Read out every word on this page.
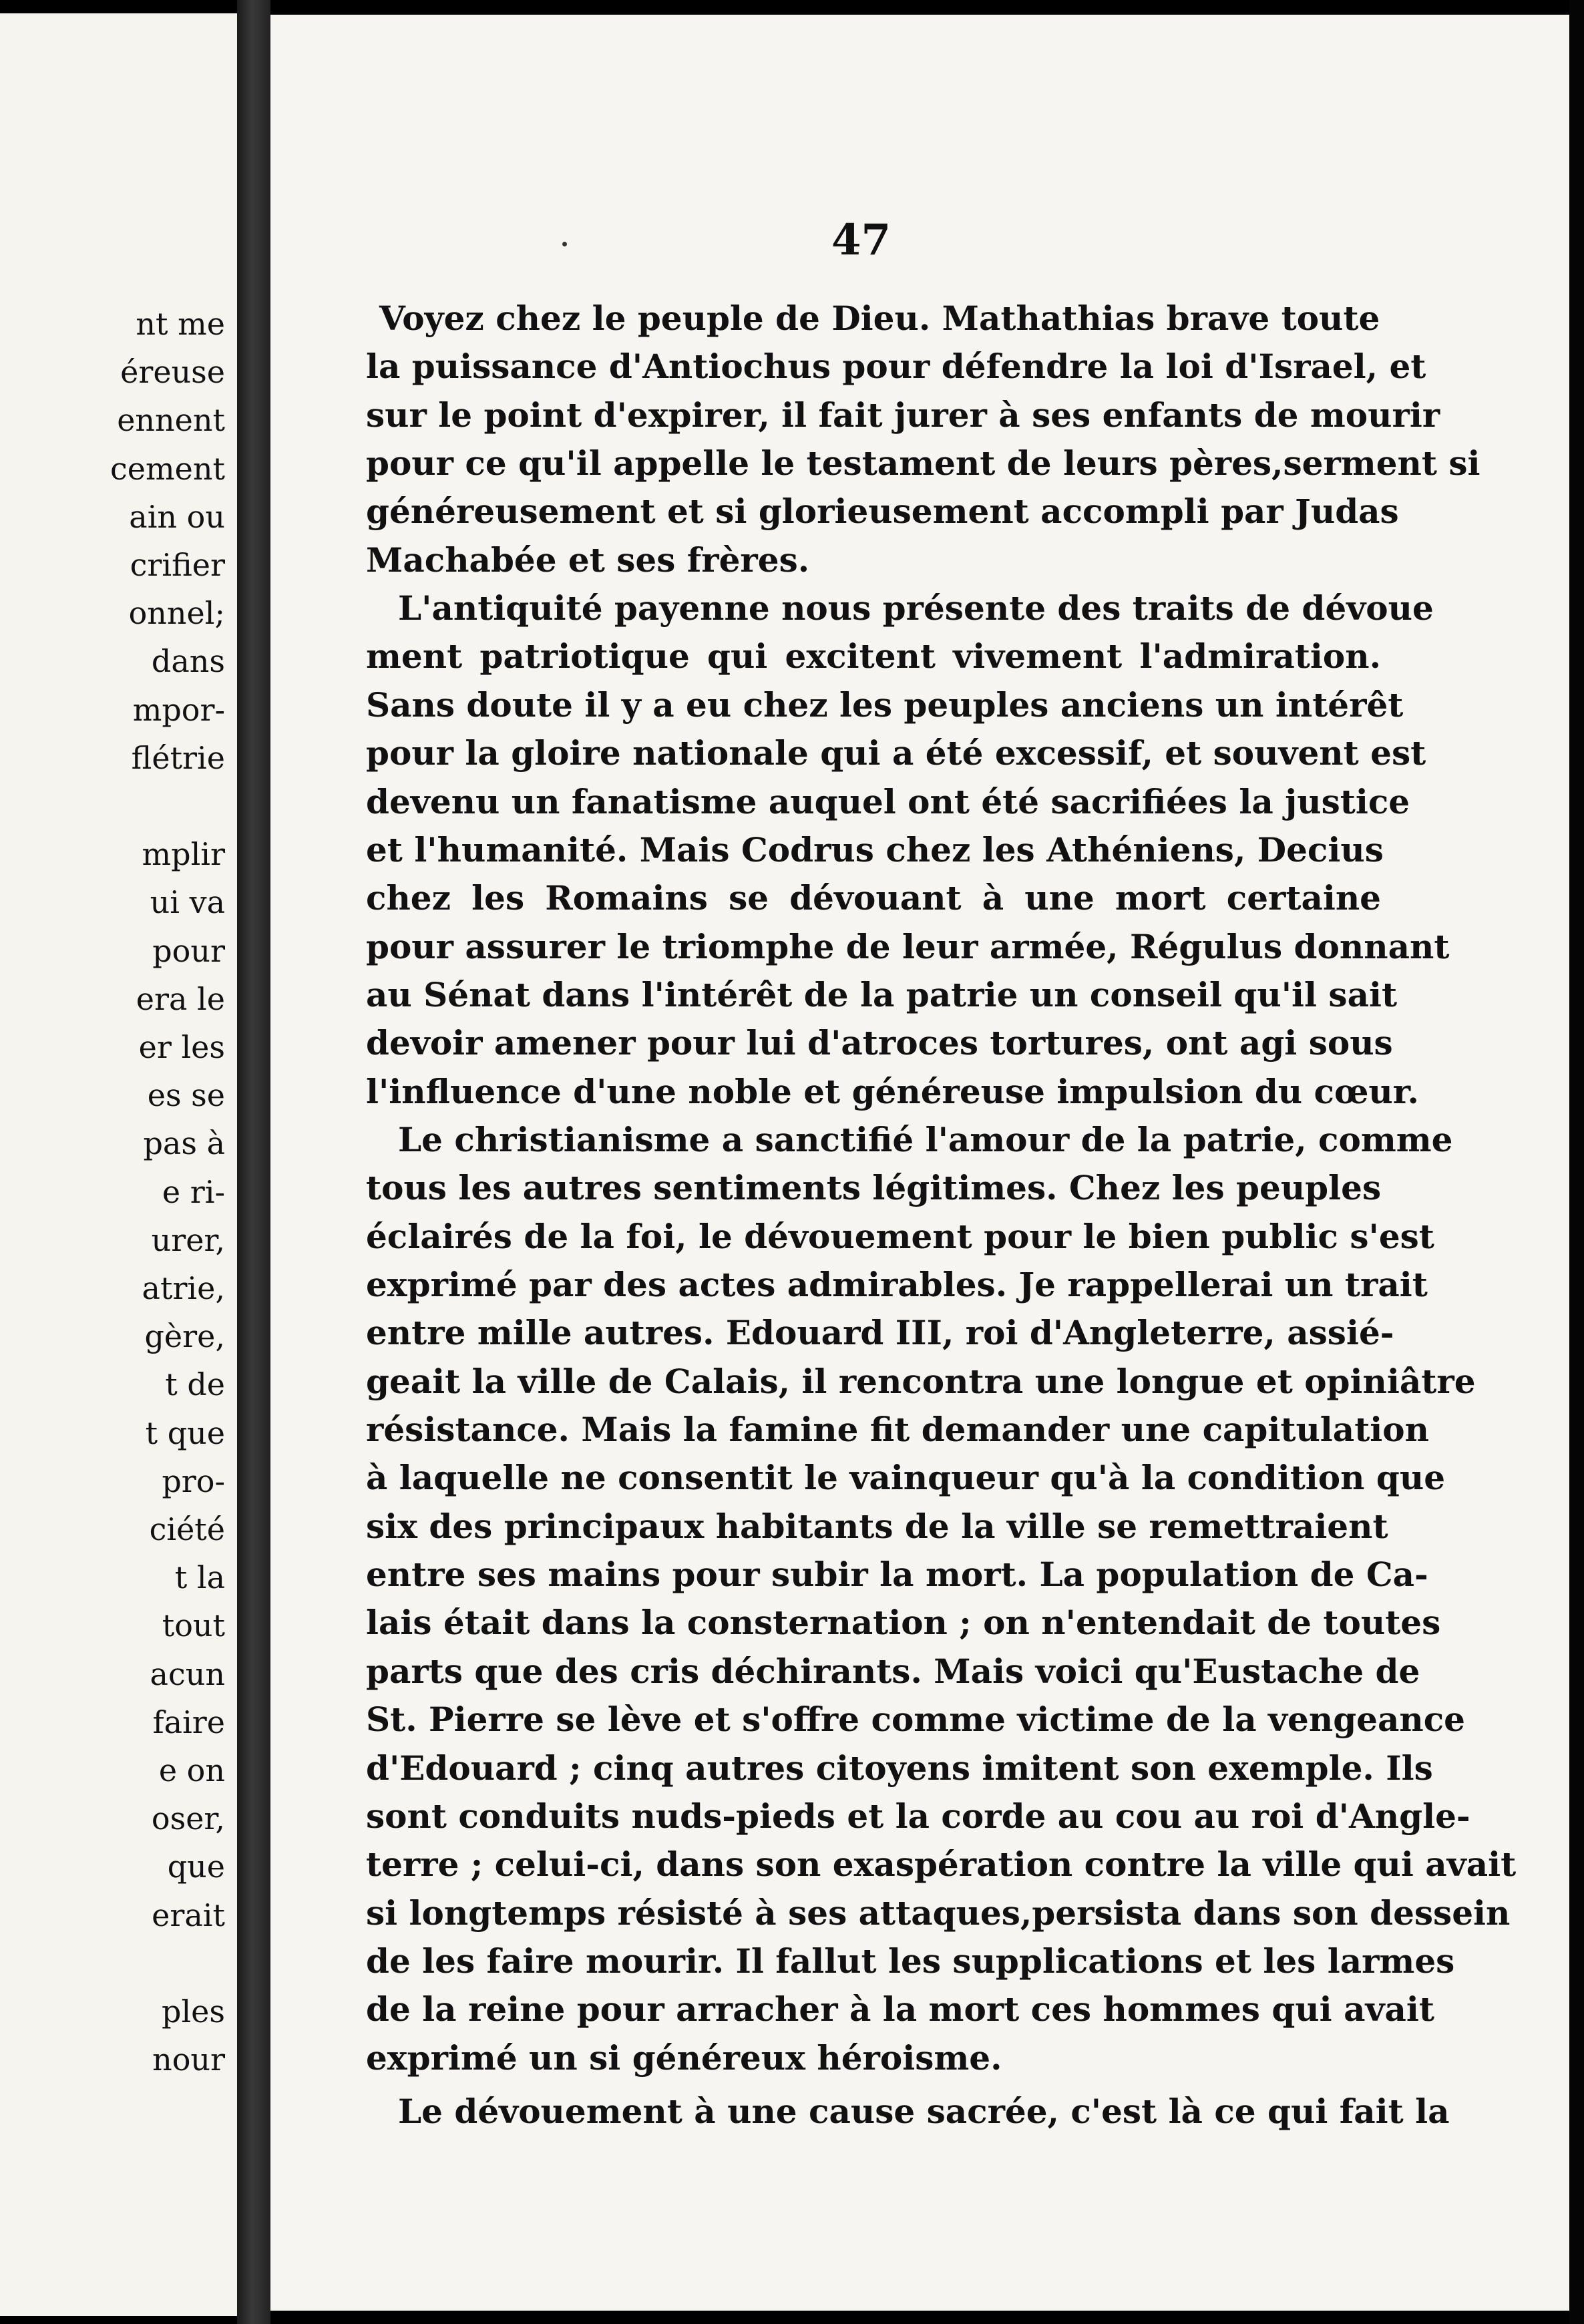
nt me
éreuse
ennent
cement
ain ou
crifier
onnel;
dans
mpor-
flétrie
mplir
ui va
pour
era le
er les
es se
pas à
e ri-
urer,
atrie,
gère,
t de
t que
pro-
ciété
t la
tout
acun
faire
e on
oser,
que
erait
ples
nour
47
Voyez chez le peuple de Dieu. Mathathias brave toute
la puissance d'Antiochus pour défendre la loi d'Israel, et
sur le point d'expirer, il fait jurer à ses enfants de mourir
pour ce qu'il appelle le testament de leurs pères,serment si
généreusement et si glorieusement accompli par Judas
Machabée et ses frères.
L'antiquité payenne nous présente des traits de dévoue
ment patriotique qui excitent vivement l'admiration.
Sans doute il y a eu chez les peuples anciens un intérêt
pour la gloire nationale qui a été excessif, et souvent est
devenu un fanatisme auquel ont été sacrifiées la justice
et l'humanité. Mais Codrus chez les Athéniens, Decius
chez les Romains se dévouant à une mort certaine
pour assurer le triomphe de leur armée, Régulus donnant
au Sénat dans l'intérêt de la patrie un conseil qu'il sait
devoir amener pour lui d'atroces tortures, ont agi sous
l'influence d'une noble et généreuse impulsion du cœur.
Le christianisme a sanctifié l'amour de la patrie, comme
tous les autres sentiments légitimes. Chez les peuples
éclairés de la foi, le dévouement pour le bien public s'est
exprimé par des actes admirables. Je rappellerai un trait
entre mille autres. Edouard III, roi d'Angleterre, assié-
geait la ville de Calais, il rencontra une longue et opiniâtre
résistance. Mais la famine fit demander une capitulation
à laquelle ne consentit le vainqueur qu'à la condition que
six des principaux habitants de la ville se remettraient
entre ses mains pour subir la mort. La population de Ca-
lais était dans la consternation ; on n'entendait de toutes
parts que des cris déchirants. Mais voici qu'Eustache de
St. Pierre se lève et s'offre comme victime de la vengeance
d'Edouard ; cinq autres citoyens imitent son exemple. Ils
sont conduits nuds-pieds et la corde au cou au roi d'Angle-
terre ; celui-ci, dans son exaspération contre la ville qui avait
si longtemps résisté à ses attaques,persista dans son dessein
de les faire mourir. Il fallut les supplications et les larmes
de la reine pour arracher à la mort ces hommes qui avait
exprimé un si généreux héroisme.
Le dévouement à une cause sacrée, c'est là ce qui fait la
